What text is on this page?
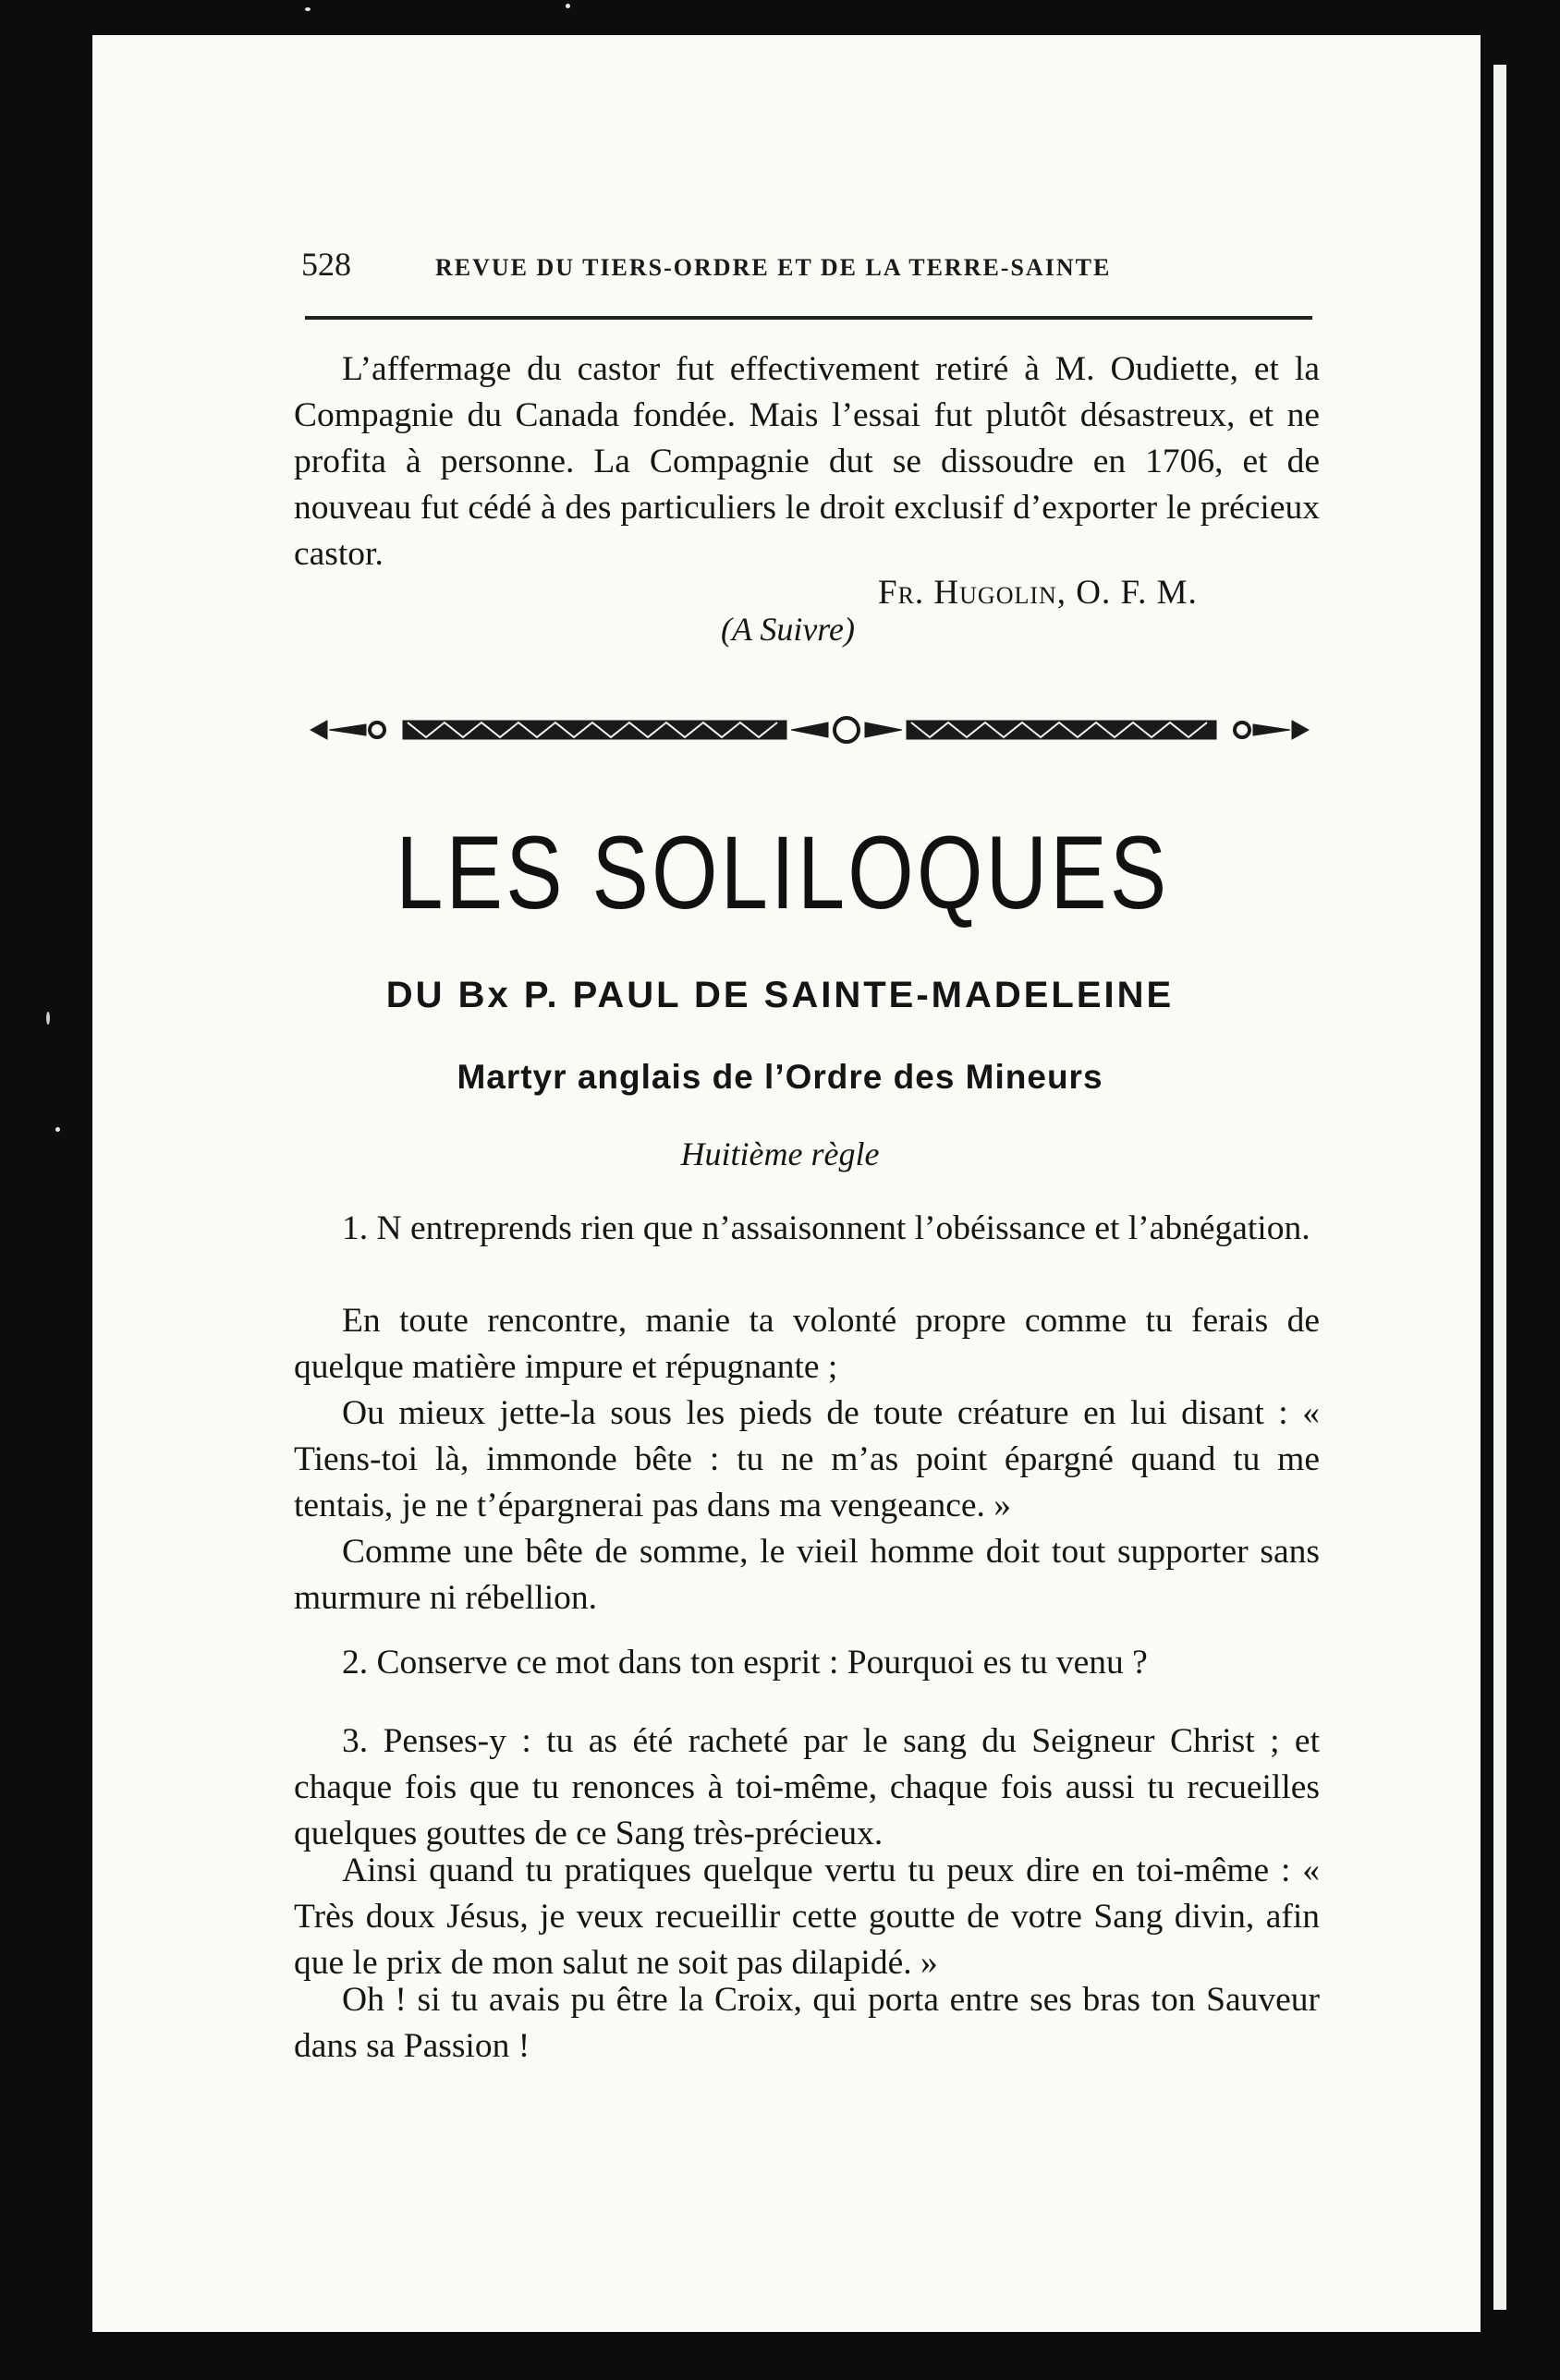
528	REVUE DU TIERS-ORDRE ET DE LA TERRE-SAINTE
L’affermage du castor fut effectivement retiré à M. Oudiette, et la Compagnie du Canada fondée. Mais l’essai fut plutôt désastreux, et ne profita à personne. La Compagnie dut se dissoudre en 1706, et de nouveau fut cédé à des particuliers le droit exclusif d’exporter le précieux castor.
Fr. Hugolin, O. F. M.
(A Suivre)
LES SOLILOQUES
DU Bx P. PAUL DE SAINTE-MADELEINE
Martyr anglais de l’Ordre des Mineurs
Huitième règle
1. N entreprends rien que n’assaisonnent l’obéissance et l’abnégation.
En toute rencontre, manie ta volonté propre comme tu ferais de quelque matière impure et répugnante ;
Ou mieux jette-la sous les pieds de toute créature en lui disant : « Tiens-toi là, immonde bête : tu ne m’as point épargné quand tu me tentais, je ne t’épargnerai pas dans ma vengeance. »
Comme une bête de somme, le vieil homme doit tout supporter sans murmure ni rébellion.
2. Conserve ce mot dans ton esprit : Pourquoi es tu venu ?
3. Penses-y : tu as été racheté par le sang du Seigneur Christ ; et chaque fois que tu renonces à toi-même, chaque fois aussi tu recueilles quelques gouttes de ce Sang très-précieux.
Ainsi quand tu pratiques quelque vertu tu peux dire en toi-même : « Très doux Jésus, je veux recueillir cette goutte de votre Sang divin, afin que le prix de mon salut ne soit pas dilapidé. »
Oh ! si tu avais pu être la Croix, qui porta entre ses bras ton Sauveur dans sa Passion !
